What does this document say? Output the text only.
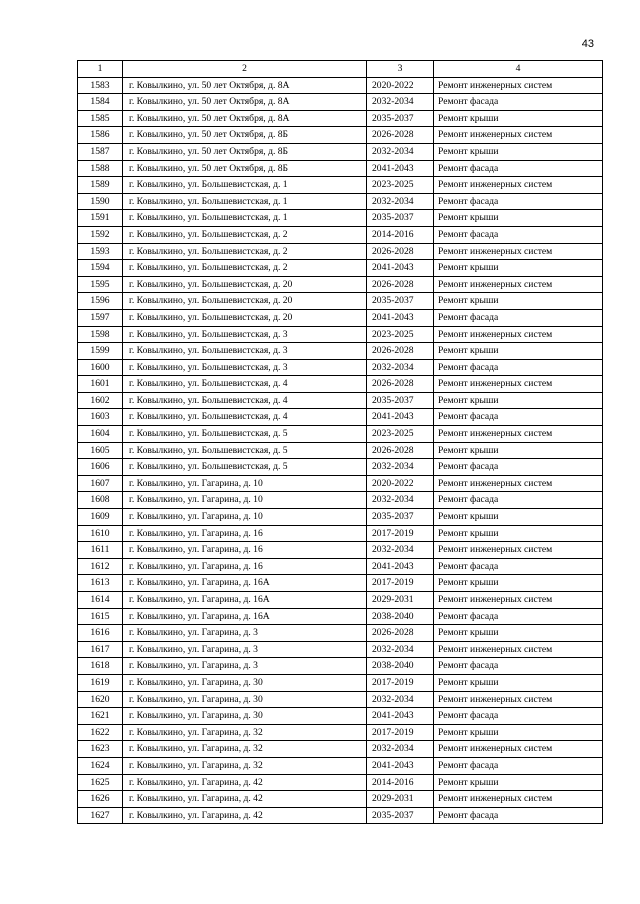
43
1	2	3	4
1583	г. Ковылкино, ул. 50 лет Октября, д. 8А	2020-2022	Ремонт инженерных систем
1584	г. Ковылкино, ул. 50 лет Октября, д. 8А	2032-2034	Ремонт фасада
1585	г. Ковылкино, ул. 50 лет Октября, д. 8А	2035-2037	Ремонт крыши
1586	г. Ковылкино, ул. 50 лет Октября, д. 8Б	2026-2028	Ремонт инженерных систем
1587	г. Ковылкино, ул. 50 лет Октября, д. 8Б	2032-2034	Ремонт крыши
1588	г. Ковылкино, ул. 50 лет Октября, д. 8Б	2041-2043	Ремонт фасада
1589	г. Ковылкино, ул. Большевистская, д. 1	2023-2025	Ремонт инженерных систем
1590	г. Ковылкино, ул. Большевистская, д. 1	2032-2034	Ремонт фасада
1591	г. Ковылкино, ул. Большевистская, д. 1	2035-2037	Ремонт крыши
1592	г. Ковылкино, ул. Большевистская, д. 2	2014-2016	Ремонт фасада
1593	г. Ковылкино, ул. Большевистская, д. 2	2026-2028	Ремонт инженерных систем
1594	г. Ковылкино, ул. Большевистская, д. 2	2041-2043	Ремонт крыши
1595	г. Ковылкино, ул. Большевистская, д. 20	2026-2028	Ремонт инженерных систем
1596	г. Ковылкино, ул. Большевистская, д. 20	2035-2037	Ремонт крыши
1597	г. Ковылкино, ул. Большевистская, д. 20	2041-2043	Ремонт фасада
1598	г. Ковылкино, ул. Большевистская, д. 3	2023-2025	Ремонт инженерных систем
1599	г. Ковылкино, ул. Большевистская, д. 3	2026-2028	Ремонт крыши
1600	г. Ковылкино, ул. Большевистская, д. 3	2032-2034	Ремонт фасада
1601	г. Ковылкино, ул. Большевистская, д. 4	2026-2028	Ремонт инженерных систем
1602	г. Ковылкино, ул. Большевистская, д. 4	2035-2037	Ремонт крыши
1603	г. Ковылкино, ул. Большевистская, д. 4	2041-2043	Ремонт фасада
1604	г. Ковылкино, ул. Большевистская, д. 5	2023-2025	Ремонт инженерных систем
1605	г. Ковылкино, ул. Большевистская, д. 5	2026-2028	Ремонт крыши
1606	г. Ковылкино, ул. Большевистская, д. 5	2032-2034	Ремонт фасада
1607	г. Ковылкино, ул. Гагарина, д. 10	2020-2022	Ремонт инженерных систем
1608	г. Ковылкино, ул. Гагарина, д. 10	2032-2034	Ремонт фасада
1609	г. Ковылкино, ул. Гагарина, д. 10	2035-2037	Ремонт крыши
1610	г. Ковылкино, ул. Гагарина, д. 16	2017-2019	Ремонт крыши
1611	г. Ковылкино, ул. Гагарина, д. 16	2032-2034	Ремонт инженерных систем
1612	г. Ковылкино, ул. Гагарина, д. 16	2041-2043	Ремонт фасада
1613	г. Ковылкино, ул. Гагарина, д. 16А	2017-2019	Ремонт крыши
1614	г. Ковылкино, ул. Гагарина, д. 16А	2029-2031	Ремонт инженерных систем
1615	г. Ковылкино, ул. Гагарина, д. 16А	2038-2040	Ремонт фасада
1616	г. Ковылкино, ул. Гагарина, д. 3	2026-2028	Ремонт крыши
1617	г. Ковылкино, ул. Гагарина, д. 3	2032-2034	Ремонт инженерных систем
1618	г. Ковылкино, ул. Гагарина, д. 3	2038-2040	Ремонт фасада
1619	г. Ковылкино, ул. Гагарина, д. 30	2017-2019	Ремонт крыши
1620	г. Ковылкино, ул. Гагарина, д. 30	2032-2034	Ремонт инженерных систем
1621	г. Ковылкино, ул. Гагарина, д. 30	2041-2043	Ремонт фасада
1622	г. Ковылкино, ул. Гагарина, д. 32	2017-2019	Ремонт крыши
1623	г. Ковылкино, ул. Гагарина, д. 32	2032-2034	Ремонт инженерных систем
1624	г. Ковылкино, ул. Гагарина, д. 32	2041-2043	Ремонт фасада
1625	г. Ковылкино, ул. Гагарина, д. 42	2014-2016	Ремонт крыши
1626	г. Ковылкино, ул. Гагарина, д. 42	2029-2031	Ремонт инженерных систем
1627	г. Ковылкино, ул. Гагарина, д. 42	2035-2037	Ремонт фасада
